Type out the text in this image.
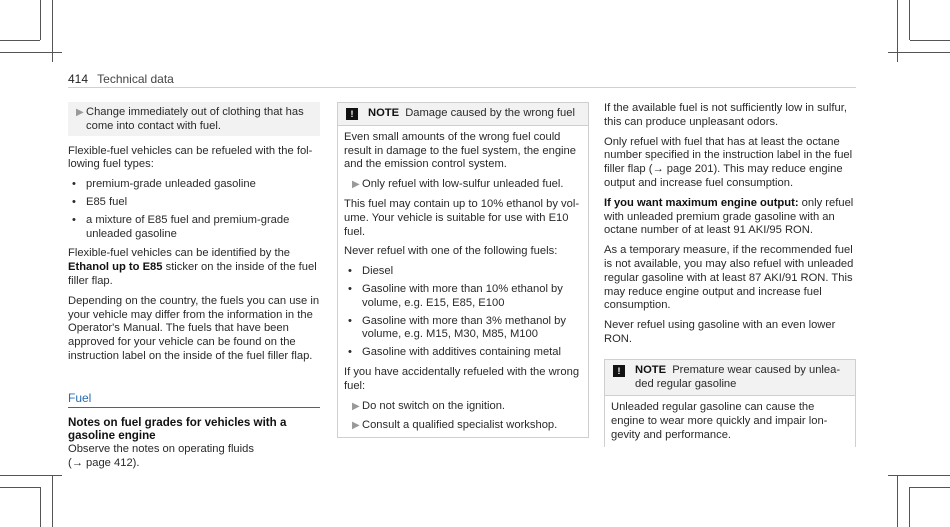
414 Technical data
▶ Change immediately out of clothing that has come into contact with fuel.

Flexible-fuel vehicles can be refueled with the fol- lowing fuel types:

• premium-grade unleaded gasoline
• E85 fuel
• a mixture of E85 fuel and premium-grade unleaded gasoline

Flexible-fuel vehicles can be identified by the Ethanol up to E85 sticker on the inside of the fuel filler flap.

Depending on the country, the fuels you can use in your vehicle may differ from the information in the Operator's Manual. The fuels that have been approved for your vehicle can be found on the instruction label on the inside of the fuel filler flap.

Fuel

Notes on fuel grades for vehicles with a gasoline engine

Observe the notes on operating fluids
(→ page 412).

!	NOTE Damage caused by the wrong fuel

Even small amounts of the wrong fuel could result in damage to the fuel system, the engine and the emission control system.

▶ Only refuel with low-sulfur unleaded fuel.

This fuel may contain up to 10% ethanol by vol- ume. Your vehicle is suitable for use with E10 fuel.

Never refuel with one of the following fuels:

• Diesel
• Gasoline with more than 10% ethanol by volume, e.g. E15, E85, E100
• Gasoline with more than 3% methanol by volume, e.g. M15, M30, M85, M100
• Gasoline with additives containing metal

If you have accidentally refueled with the wrong fuel:

▶ Do not switch on the ignition.
▶ Consult a qualified specialist workshop.

If the available fuel is not sufficiently low in sulfur, this can produce unpleasant odors.

Only refuel with fuel that has at least the octane number specified in the instruction label in the fuel filler flap (→ page 201). This may reduce engine output and increase fuel consumption.

If you want maximum engine output: only refuel with unleaded premium grade gasoline with an octane number of at least 91 AKI/95 RON.

As a temporary measure, if the recommended fuel is not available, you may also refuel with unleaded regular gasoline with at least 87 AKI/91 RON. This may reduce engine output and increase fuel consumption.

Never refuel using gasoline with an even lower RON.

!	NOTE Premature wear caused by unlea- ded regular gasoline

Unleaded regular gasoline can cause the engine to wear more quickly and impair lon- gevity and performance.
